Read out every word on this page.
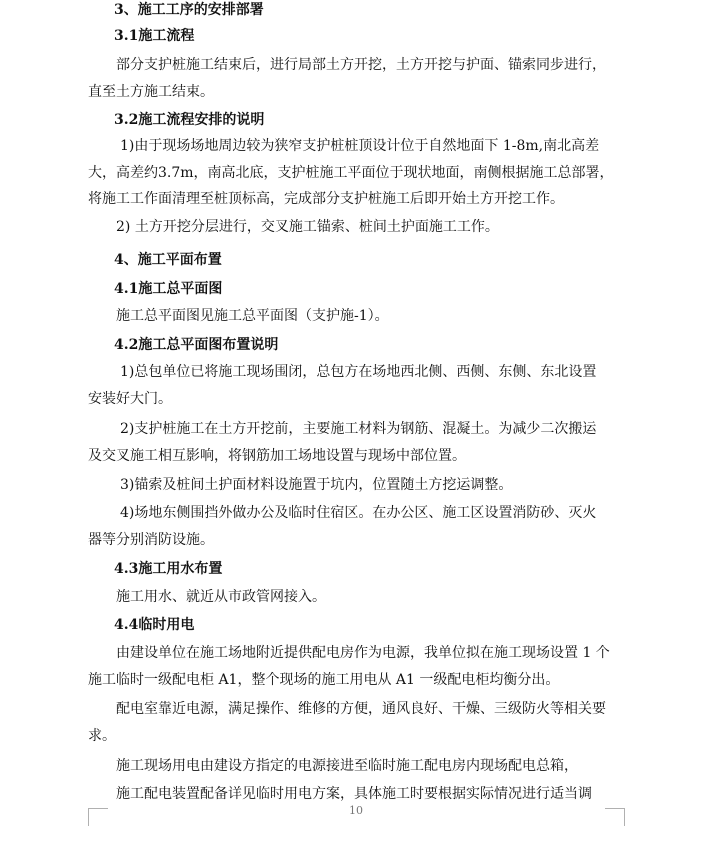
3、施工工序的安排部署
3.1施工流程
部分支护桩施工结束后，进行局部土方开挖，土方开挖与护面、锚索同步进行，
直至土方施工结束。
3.2施工流程安排的说明
1)由于现场场地周边较为狭窄支护桩桩顶设计位于自然地面下 1-8m,南北高差
大，高差约3.7m，南高北底，支护桩施工平面位于现状地面，南侧根据施工总部署，
将施工工作面清理至桩顶标高，完成部分支护桩施工后即开始土方开挖工作。
2) 土方开挖分层进行，交叉施工锚索、桩间土护面施工工作。
4、施工平面布置
4.1施工总平面图
施工总平面图见施工总平面图（支护施-1）。
4.2施工总平面图布置说明
1)总包单位已将施工现场围闭，总包方在场地西北侧、西侧、东侧、东北设置
安装好大门。
2)支护桩施工在土方开挖前，主要施工材料为钢筋、混凝土。为减少二次搬运
及交叉施工相互影响，将钢筋加工场地设置与现场中部位置。
3)锚索及桩间土护面材料设施置于坑内，位置随土方挖运调整。
4)场地东侧围挡外做办公及临时住宿区。在办公区、施工区设置消防砂、灭火
器等分别消防设施。
4.3施工用水布置
施工用水、就近从市政管网接入。
4.4临时用电
由建设单位在施工场地附近提供配电房作为电源，我单位拟在施工现场设置 1 个
施工临时一级配电柜 A1，整个现场的施工用电从 A1 一级配电柜均衡分出。
配电室靠近电源，满足操作、维修的方便，通风良好、干燥、三级防火等相关要
求。
施工现场用电由建设方指定的电源接进至临时施工配电房内现场配电总箱，
施工配电装置配备详见临时用电方案，具体施工时要根据实际情况进行适当调
10
